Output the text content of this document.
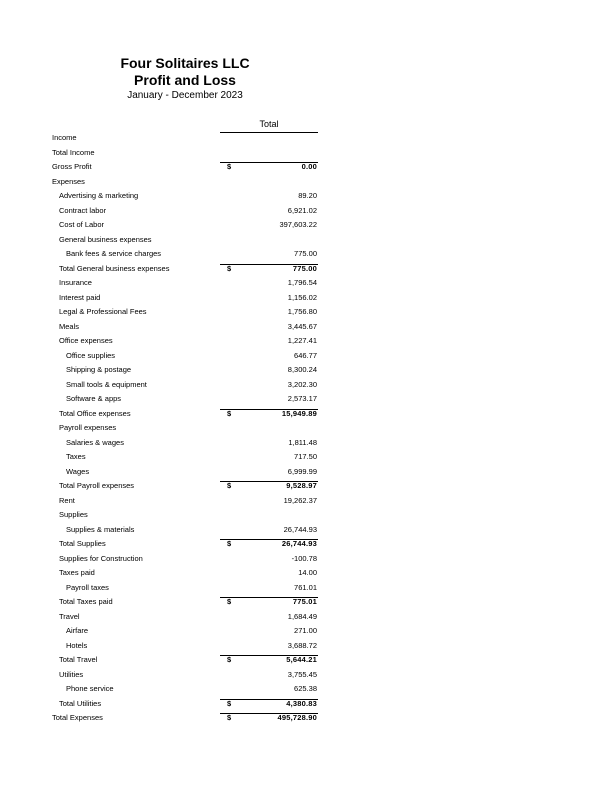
Four Solitaires LLC
Profit and Loss
January - December 2023
Total
Income
Total Income
Gross Profit	$	0.00
Expenses
Advertising & marketing	89.20
Contract labor	6,921.02
Cost of Labor	397,603.22
General business expenses
Bank fees & service charges	775.00
Total General business expenses	$	775.00
Insurance	1,796.54
Interest paid	1,156.02
Legal & Professional Fees	1,756.80
Meals	3,445.67
Office expenses	1,227.41
Office supplies	646.77
Shipping & postage	8,300.24
Small tools & equipment	3,202.30
Software & apps	2,573.17
Total Office expenses	$	15,949.89
Payroll expenses
Salaries & wages	1,811.48
Taxes	717.50
Wages	6,999.99
Total Payroll expenses	$	9,528.97
Rent	19,262.37
Supplies
Supplies & materials	26,744.93
Total Supplies	$	26,744.93
Supplies for Construction	-100.78
Taxes paid	14.00
Payroll taxes	761.01
Total Taxes paid	$	775.01
Travel	1,684.49
Airfare	271.00
Hotels	3,688.72
Total Travel	$	5,644.21
Utilities	3,755.45
Phone service	625.38
Total Utilities	$	4,380.83
Total Expenses	$	495,728.90
